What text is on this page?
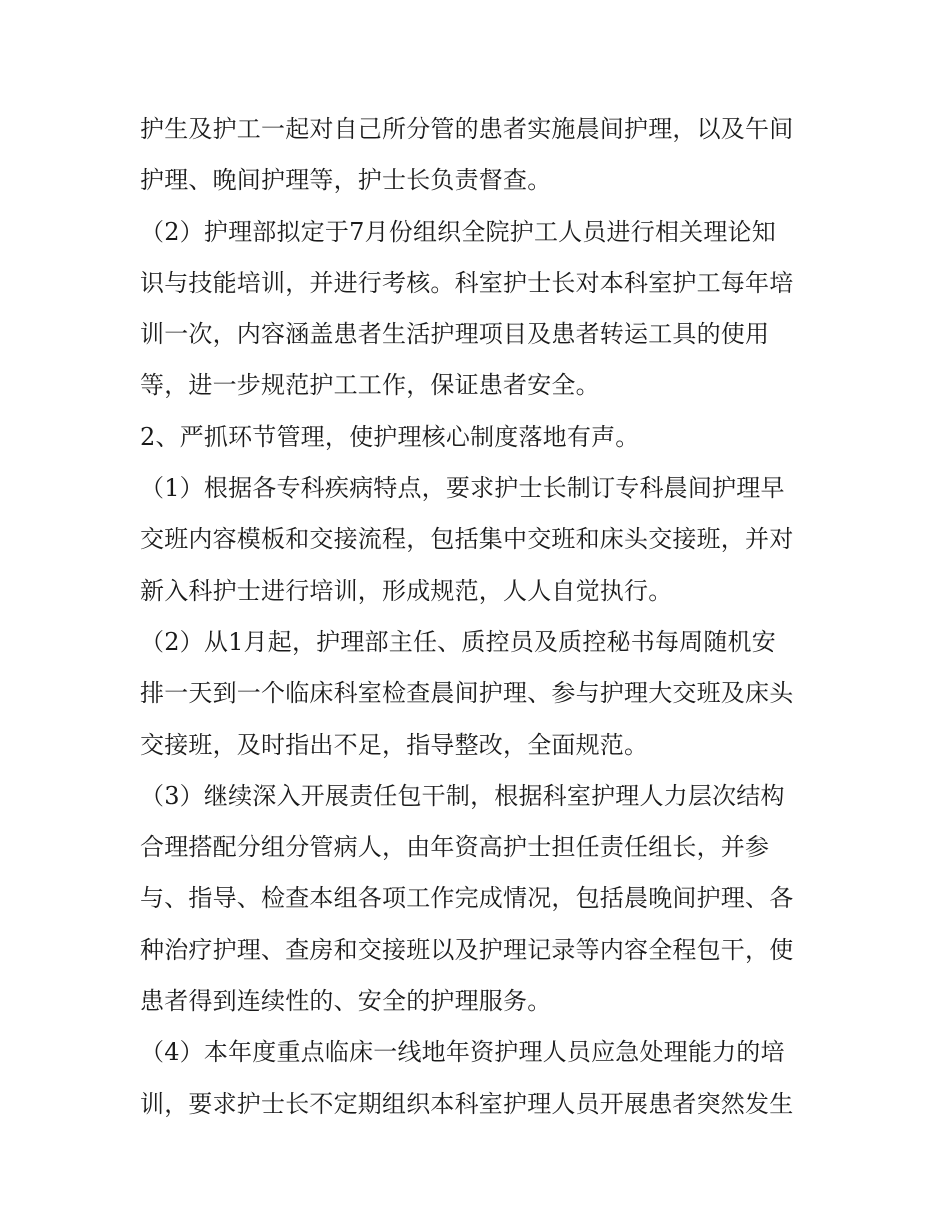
护生及护工一起对自己所分管的患者实施晨间护理，以及午间
护理、晚间护理等，护士长负责督查。
（2）护理部拟定于7月份组织全院护工人员进行相关理论知
识与技能培训，并进行考核。科室护士长对本科室护工每年培
训一次，内容涵盖患者生活护理项目及患者转运工具的使用
等，进一步规范护工工作，保证患者安全。
2、严抓环节管理，使护理核心制度落地有声。
（1）根据各专科疾病特点，要求护士长制订专科晨间护理早
交班内容模板和交接流程，包括集中交班和床头交接班，并对
新入科护士进行培训，形成规范，人人自觉执行。
（2）从1月起，护理部主任、质控员及质控秘书每周随机安
排一天到一个临床科室检查晨间护理、参与护理大交班及床头
交接班，及时指出不足，指导整改，全面规范。
（3）继续深入开展责任包干制，根据科室护理人力层次结构
合理搭配分组分管病人，由年资高护士担任责任组长，并参
与、指导、检查本组各项工作完成情况，包括晨晚间护理、各
种治疗护理、查房和交接班以及护理记录等内容全程包干，使
患者得到连续性的、安全的护理服务。
（4）本年度重点临床一线地年资护理人员应急处理能力的培
训，要求护士长不定期组织本科室护理人员开展患者突然发生
